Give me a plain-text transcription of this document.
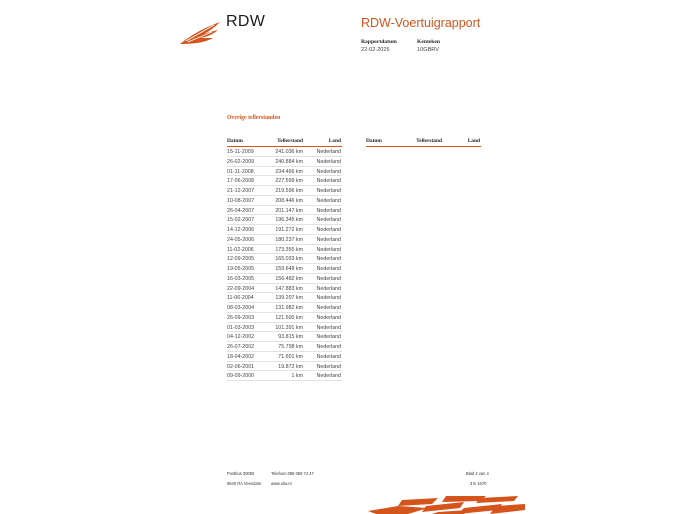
RDW	RDW-Voertuigrapport
Rapportdatum
22-02-2025
Kenteken
10GBRV
Overige tellerstanden
Datum	Tellerstand	Land	Datum	Tellerstand	Land
15-11-2009	241.036 km	Nederland
26-02-2009	240.884 km	Nederland
01-11-2008	234.466 km	Nederland
17-06-2008	227.599 km	Nederland
21-12-2007	219.596 km	Nederland
10-08-2007	208.446 km	Nederland
26-04-2007	201.147 km	Nederland
15-02-2007	196.345 km	Nederland
14-12-2006	191.272 km	Nederland
24-05-2006	180.237 km	Nederland
11-02-2006	173.355 km	Nederland
12-09-2005	165.033 km	Nederland
19-05-2005	159.648 km	Nederland
16-03-2005	156.482 km	Nederland
22-09-2004	147.883 km	Nederland
11-06-2004	139.207 km	Nederland
08-03-2004	131.982 km	Nederland
26-09-2003	121.500 km	Nederland
01-03-2003	101.391 km	Nederland
04-12-2002	93.815 km	Nederland
26-07-2002	75.798 km	Nederland
18-04-2002	71.601 km	Nederland
02-06-2001	19.872 km	Nederland
09-09-2000	1 km	Nederland
Postbus 30000
9640 RA Veendam
Telefoon 088 059 74 47
www.rdw.nl
Blad 2 van 4
3 E 1670
